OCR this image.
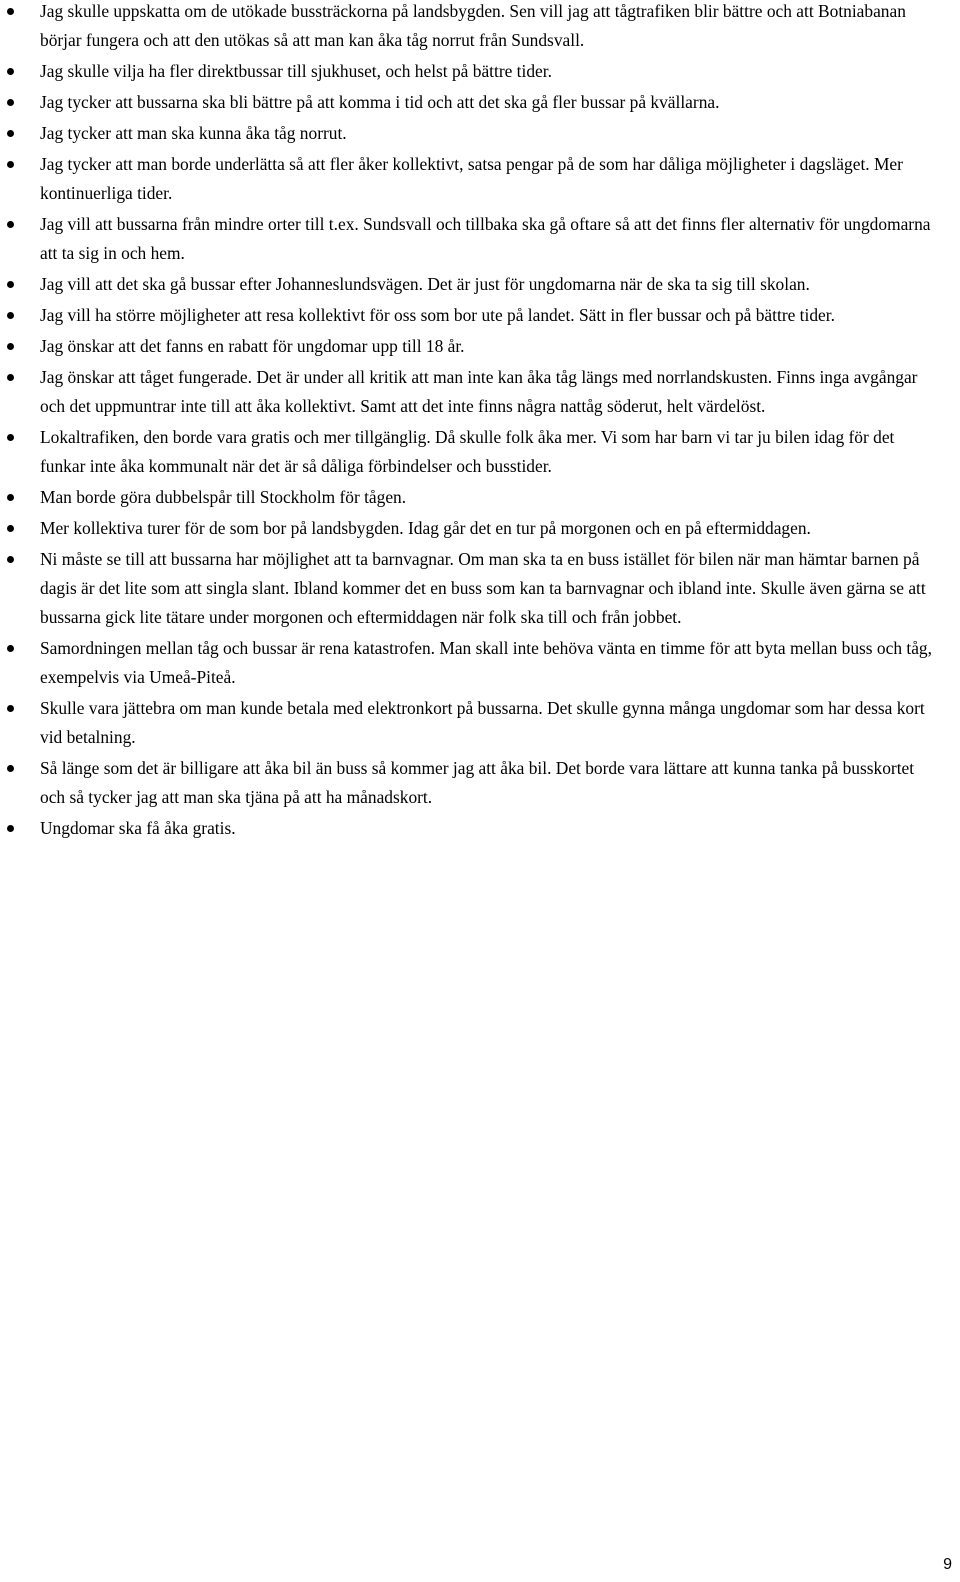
Jag skulle uppskatta om de utökade bussträckorna på landsbygden. Sen vill jag att tågtrafiken blir bättre och att Botniabanan börjar fungera och att den utökas så att man kan åka tåg norrut från Sundsvall.
Jag skulle vilja ha fler direktbussar till sjukhuset, och helst på bättre tider.
Jag tycker att bussarna ska bli bättre på att komma i tid och att det ska gå fler bussar på kvällarna.
Jag tycker att man ska kunna åka tåg norrut.
Jag tycker att man borde underlätta så att fler åker kollektivt, satsa pengar på de som har dåliga möjligheter i dagsläget. Mer kontinuerliga tider.
Jag vill att bussarna från mindre orter till t.ex. Sundsvall och tillbaka ska gå oftare så att det finns fler alternativ för ungdomarna att ta sig in och hem.
Jag vill att det ska gå bussar efter Johanneslundsvägen. Det är just för ungdomarna när de ska ta sig till skolan.
Jag vill ha större möjligheter att resa kollektivt för oss som bor ute på landet. Sätt in fler bussar och på bättre tider.
Jag önskar att det fanns en rabatt för ungdomar upp till 18 år.
Jag önskar att tåget fungerade. Det är under all kritik att man inte kan åka tåg längs med norrlandskusten. Finns inga avgångar och det uppmuntrar inte till att åka kollektivt. Samt att det inte finns några nattåg söderut, helt värdelöst.
Lokaltrafiken, den borde vara gratis och mer tillgänglig. Då skulle folk åka mer. Vi som har barn vi tar ju bilen idag för det funkar inte åka kommunalt när det är så dåliga förbindelser och busstider.
Man borde göra dubbelspår till Stockholm för tågen.
Mer kollektiva turer för de som bor på landsbygden. Idag går det en tur på morgonen och en på eftermiddagen.
Ni måste se till att bussarna har möjlighet att ta barnvagnar. Om man ska ta en buss istället för bilen när man hämtar barnen på dagis är det lite som att singla slant. Ibland kommer det en buss som kan ta barnvagnar och ibland inte. Skulle även gärna se att bussarna gick lite tätare under morgonen och eftermiddagen när folk ska till och från jobbet.
Samordningen mellan tåg och bussar är rena katastrofen. Man skall inte behöva vänta en timme för att byta mellan buss och tåg, exempelvis via Umeå-Piteå.
Skulle vara jättebra om man kunde betala med elektronkort på bussarna. Det skulle gynna många ungdomar som har dessa kort vid betalning.
Så länge som det är billigare att åka bil än buss så kommer jag att åka bil. Det borde vara lättare att kunna tanka på busskortet och så tycker jag att man ska tjäna på att ha månadskort.
Ungdomar ska få åka gratis.
9
